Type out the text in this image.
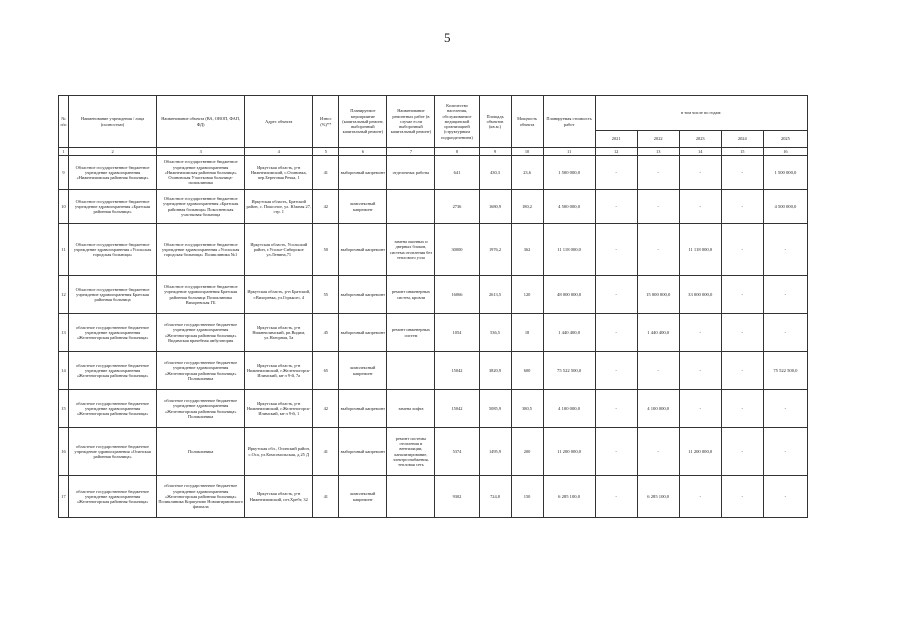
5
№ п/п	Наименование учреждения / лица (полностью)	Наименование объекта (ВА, ОВОП, ФАП, ФД)	Адрес объекта	Износ (%)**	Планируемое мероприятие (капитальный ремонт, выборочный капитальный ремонт)	Наименование ремонтных работ (в случае если выборочный капитальный ремонт)	Количество населения, обслуживаемое медицинской организацией (структурным подразделением)	Площадь объектов (кв.м.)	Мощность объекта	Планируемая стоимость работ	в том числе по годам:				
											2021	2022	2023	2024	2025
1	2	3	4	5	6	7	8	9	10	11	12	13	14	15	16
9	Областное государственное бюджетное учреждение здравоохранения «Нижнеилимская районная больница»	Областное государственное бюджетное учреждение здравоохранения «Нижнеилимская районная больница» Осиновская Участковая больница-поликлиника	Иркутская область, р-н Нижнеилимский, с.Осиновка, пер.Береговая Речка, 1	41	выборочный капремонт	отделочных работы	641	430,3	23,6	1 500 000,0	-	-	-	-	1 500 000,0
10	Областное государственное бюджетное учреждение здравоохранения «Братская районная больница»	Областное государственное бюджетное учреждение здравоохранения «Братская районная больница» Покосненская участковая больница	Иркутская область, Братский район, с. Покосное, ул. Южная 27, стр. 1	42	комплексный капремонт		2736	1680,9	180,2	4 500 000,0	-	-	-	-	4 500 000,0
11	Областное государственное бюджетное учреждение здравоохранения «Усольская городская больница»	Областное государственное бюджетное учреждение здравоохранения «Усольская городская больница» Поликлиника №1	Иркутская область, Усольский район, г.Усолье-Сибирское ул.Ленина,71	50	выборочный капремонт	замена оконных и дверных блоков, система отопления без теплового узла	30000	1976,2	362	11 118 000,0	-	-	11 118 000,0	-	-
12	Областное государственное бюджетное учреждение здравоохранения Братская районная больница	Областное государственное бюджетное учреждение здравоохранения Братская районная больница Поликлиника Вихоревская ГБ	Иркутская область, р-н Братский, г.Вихоревка, ул.Горького, 4	55	выборочный капремонт	ремонт инженерных систем, кровли	16066	2613,5	120	48 000 000,0	-	15 000 000,0	33 000 000,0	-	-
13	областное государственное бюджетное учреждение здравоохранения «Железногорская районная больница»	областное государственное бюджетное учреждение здравоохранения «Железногорская районная больница» Видимская врачебная амбулатория	Иркутская область, р-н Нижнеилимский, рп.Видим, ул.Нагорная, 5а	45	выборочный капремонт	ремонт инженерных систем	1054	536,5	18	1 440 400,0	-	1 440 400,0	-	-	-
14	областное государственное бюджетное учреждение здравоохранения «Железногорская районная больница»	областное государственное бюджетное учреждение здравоохранения «Железногорская районная больница» Поликлиника	Иркутская область, р-н Нижнеилимский, г.Железногорск-Илимский, кв-л 9-й, 7а	65	комплексный капремонт		15042	3820,9	600	75 522 500,0	-	-	-	-	75 522 500,0
15	областное государственное бюджетное учреждение здравоохранения «Железногорская районная больница»	областное государственное бюджетное учреждение здравоохранения «Железногорская районная больница» Поликлиника	Иркутская область, р-н Нижнеилимский, г.Железногорск-Илимский, кв-л 9-й, 1	42	выборочный капремонт	замена лифта	15042	5085,9	380,5	4 100 000,0	-	4 100 000,0	-	-	-
16	областное государственное бюджетное учреждение здравоохранения «Осинская районная больница»	Поликлиника	Иркутская обл., Осинский район, с.Оса, ул.Комсомольская, д.25 Д	41	выборочный капремонт	ремонт системы отопления и вентиляции, канализирование, электроснабжения, тепловая сеть	5374	1495,9	200	11 200 000,0	-	-	11 200 000,0	-	-
17	областное государственное бюджетное учреждение здравоохранения «Железногорская районная больница»	областное государственное бюджетное учреждение здравоохранения «Железногорская районная больница» Поликлиника Коршуново Новоигирминского филиала	Иркутская область, р-н Нижнеилимский, пгт.Хребт, 32	41	комплексный капремонт		9302	724,8	150	6 285 100,0	-	6 285 100,0	-	-	-
